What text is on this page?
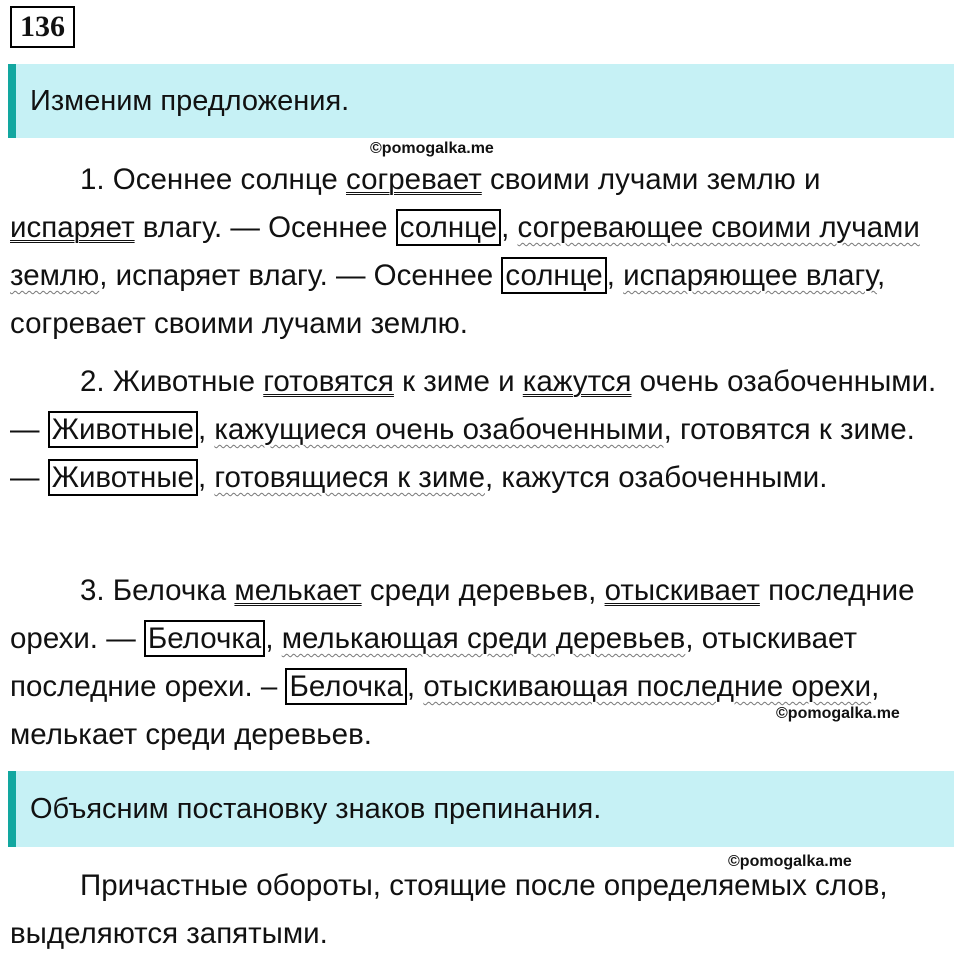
136
Изменим предложения.
©pomogalka.me

1. Осеннее солнце согревает своими лучами землю и испаряет влагу. — Осеннее солнце , согревающее своими лучами землю, испаряет влагу. — Осеннее солнце , испаряющее влагу, согревает своими лучами землю.

2. Животные готовятся к зиме и кажутся очень озабоченными. — Животные , кажущиеся очень озабоченными, готовятся к зиме. — Животные , готовящиеся к зиме, кажутся озабоченными.

3. Белочка мелькает среди деревьев, отыскивает последние орехи. — Белочка , мелькающая среди деревьев, отыскивает последние орехи. – Белочка , отыскивающая последние орехи, мелькает среди деревьев.

©pomogalka.me
Объясним постановку знаков препинания.
©pomogalka.me

Причастные обороты, стоящие после определяемых слов, выделяются запятыми.
